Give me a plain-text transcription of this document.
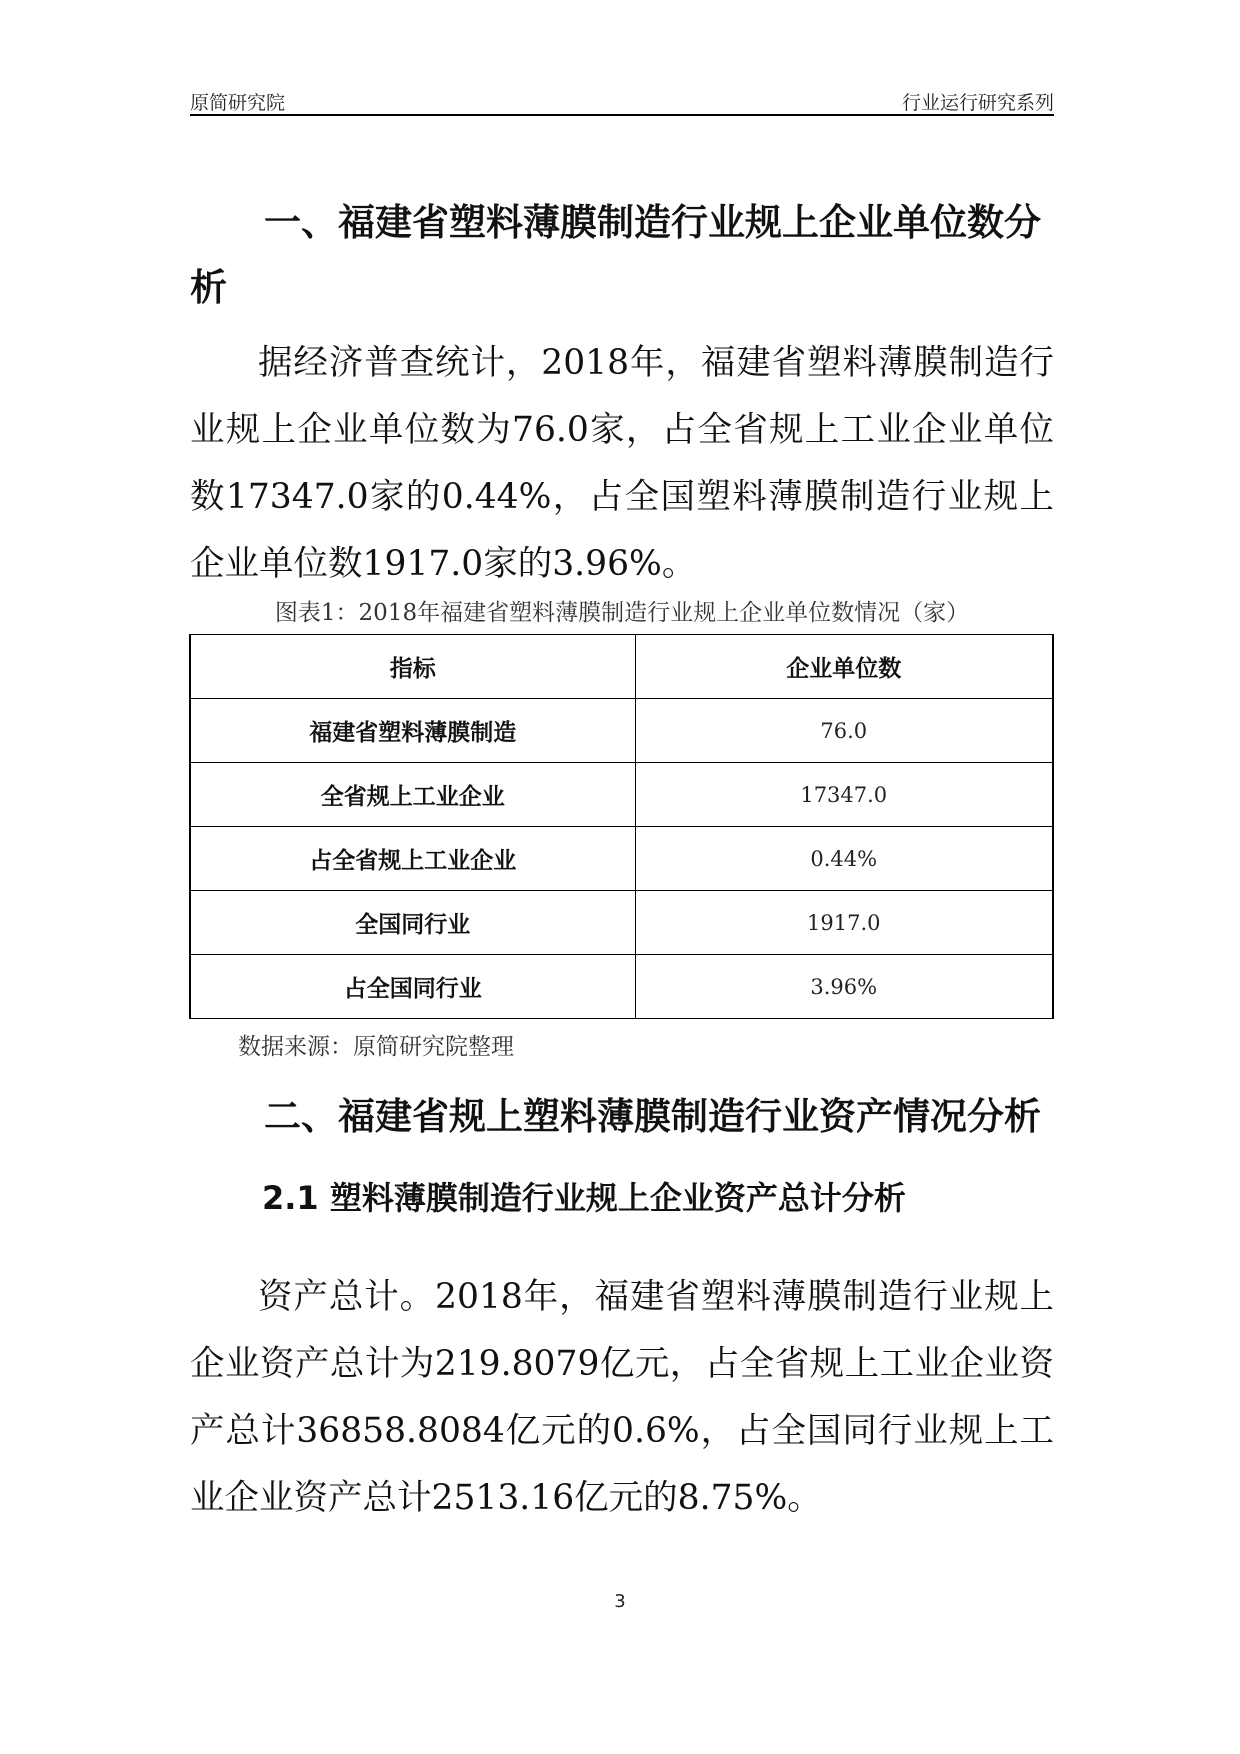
原简研究院	行业运行研究系列
一、福建省塑料薄膜制造行业规上企业单位数分析

据经济普查统计，2018年，福建省塑料薄膜制造行业规上企业单位数为76.0家，占全省规上工业企业单位数17347.0家的0.44%，占全国塑料薄膜制造行业规上企业单位数1917.0家的3.96%。

图表1：2018年福建省塑料薄膜制造行业规上企业单位数情况（家）

指标	企业单位数
福建省塑料薄膜制造	76.0
全省规上工业企业	17347.0
占全省规上工业企业	0.44%
全国同行业	1917.0
占全国同行业	3.96%

数据来源：原简研究院整理

二、福建省规上塑料薄膜制造行业资产情况分析
2.1 塑料薄膜制造行业规上企业资产总计分析

资产总计。2018年，福建省塑料薄膜制造行业规上企业资产总计为219.8079亿元，占全省规上工业企业资产总计36858.8084亿元的0.6%，占全国同行业规上工业企业资产总计2513.16亿元的8.75%。

3
